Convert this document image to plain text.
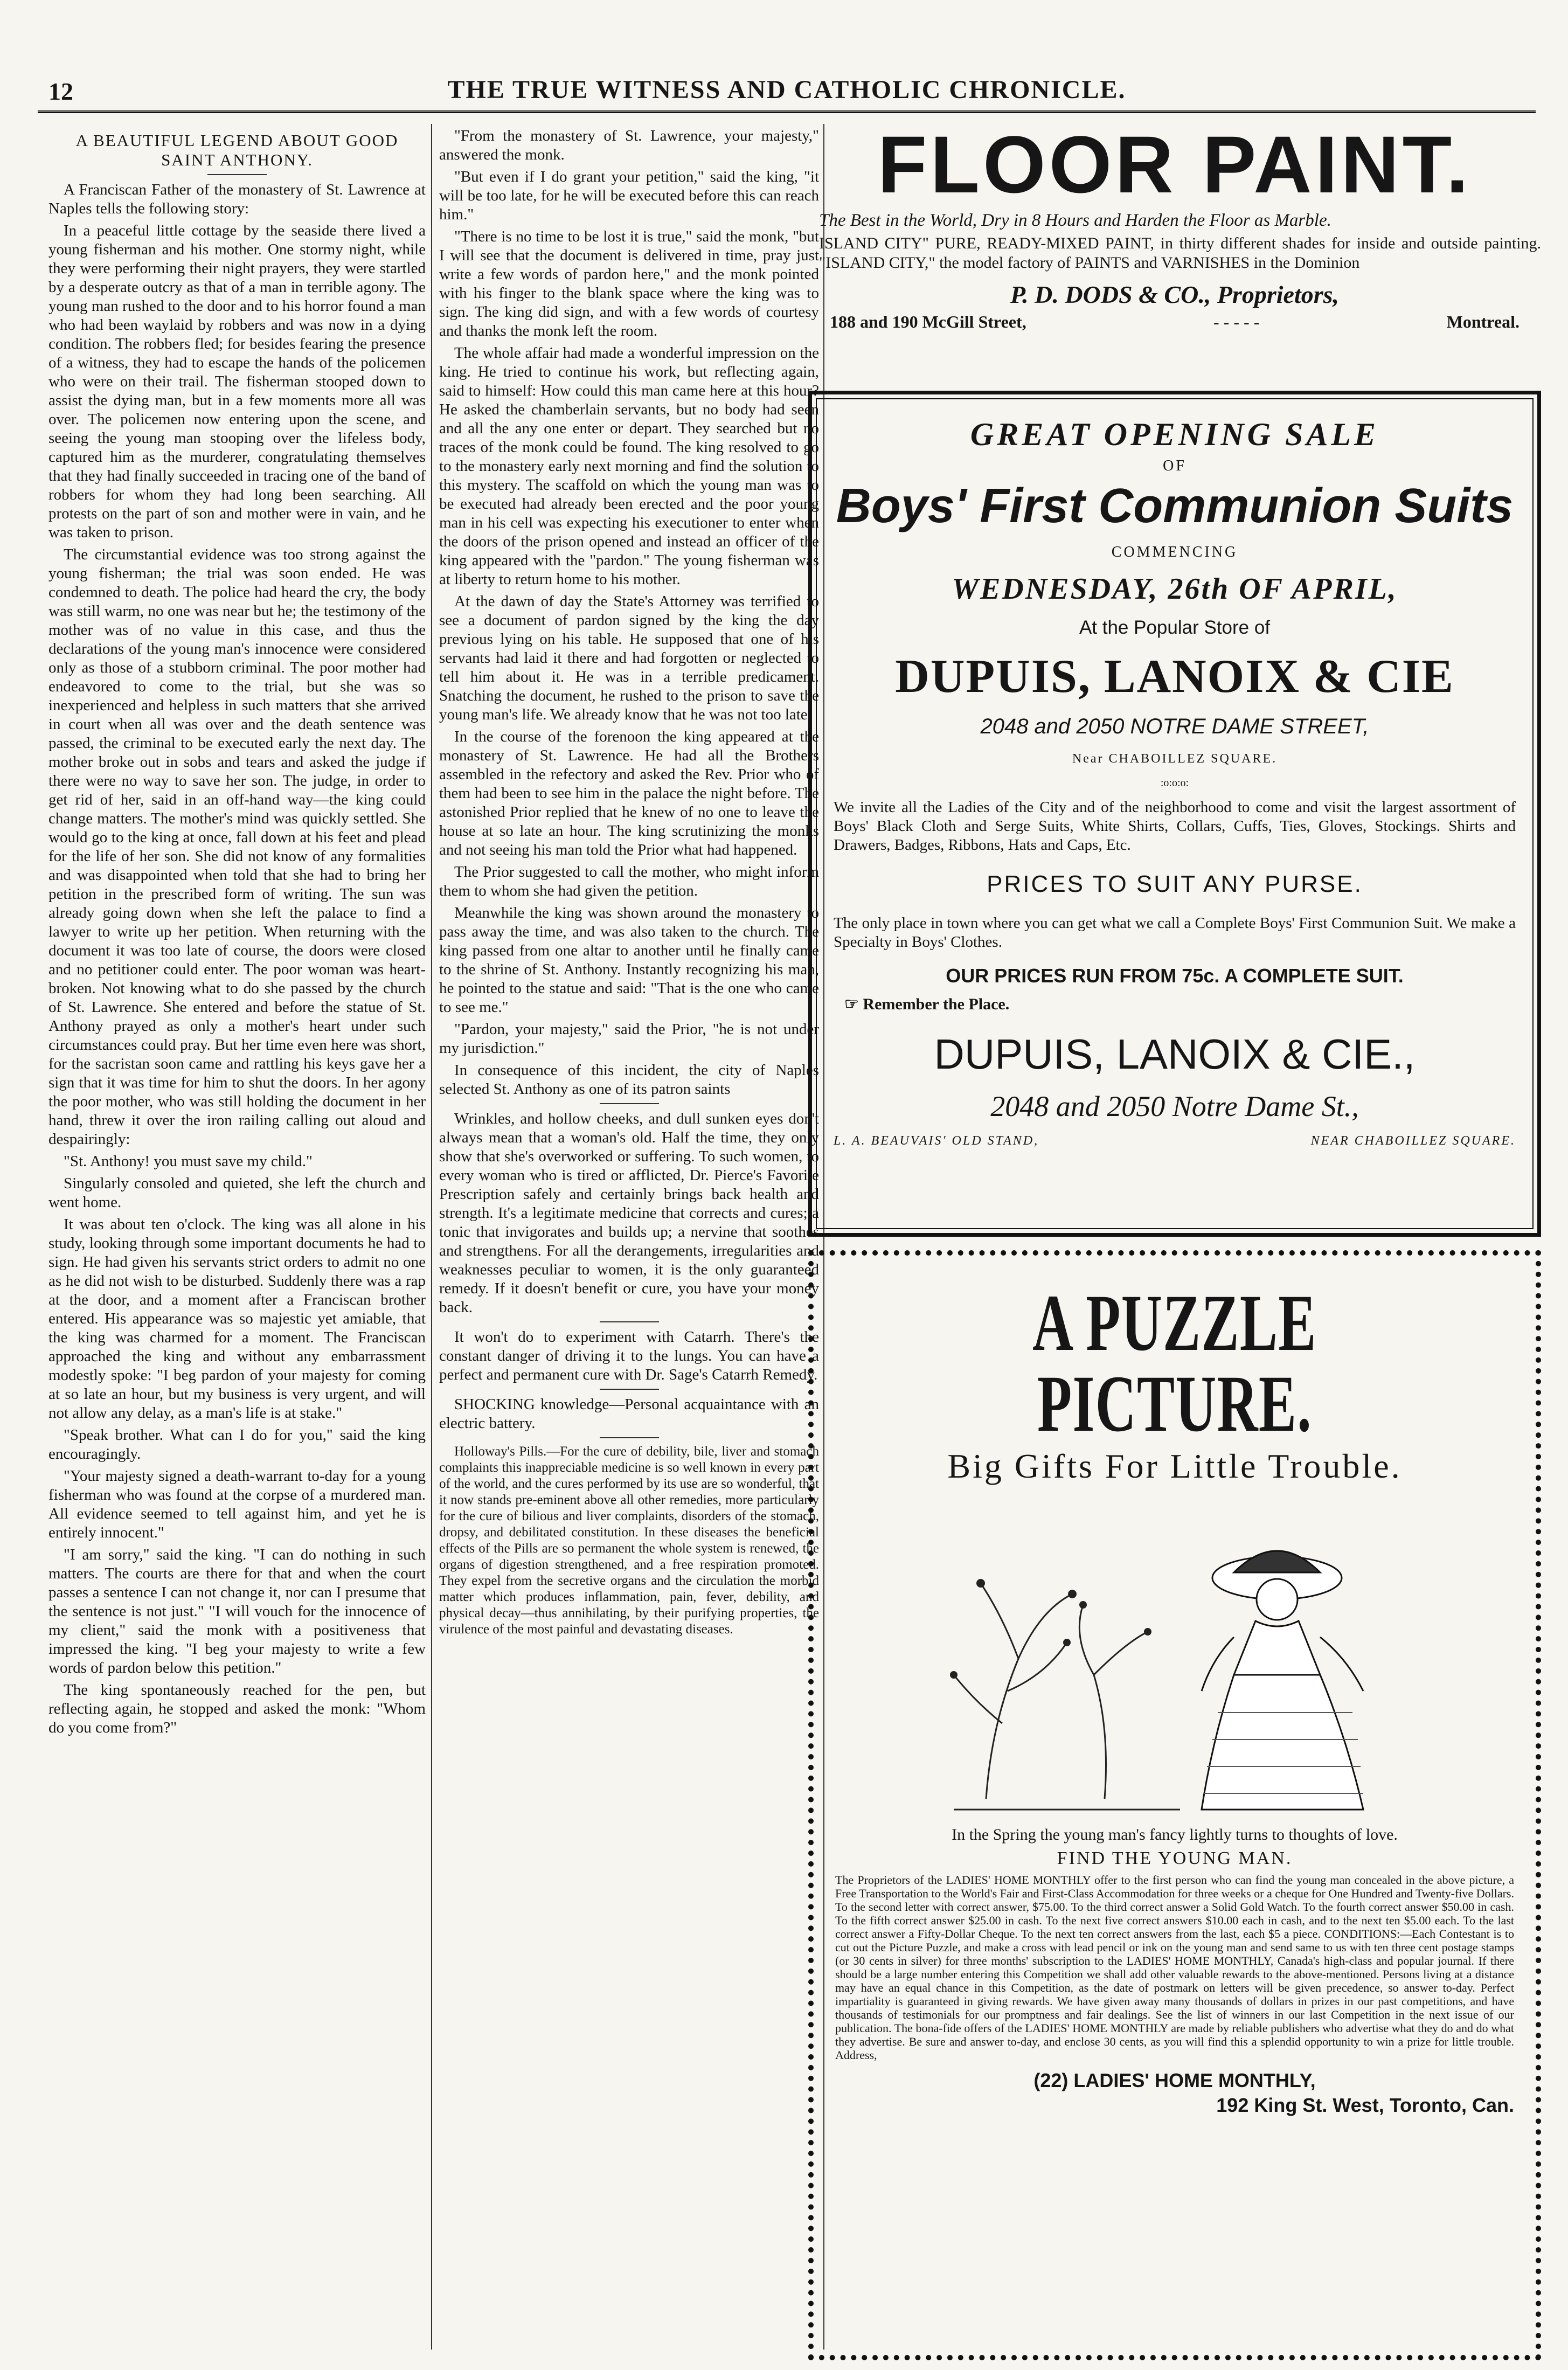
12	THE TRUE WITNESS AND CATHOLIC CHRONICLE.
A BEAUTIFUL LEGEND ABOUT GOOD SAINT ANTHONY.

A Franciscan Father of the monastery of St. Lawrence at Naples tells the following story:

In a peaceful little cottage by the seaside there lived a young fisherman and his mother. One stormy night, while they were performing their night prayers, they were startled by a desperate outcry as that of a man in terrible agony. The young man rushed to the door and to his horror found a man who had been waylaid by robbers and was now in a dying condition. The robbers fled; for besides fearing the presence of a witness, they had to escape the hands of the policemen who were on their trail. The fisherman stooped down to assist the dying man, but in a few moments more all was over. The policemen now entering upon the scene, and seeing the young man stooping over the lifeless body, captured him as the murderer, congratulating themselves that they had finally succeeded in tracing one of the band of robbers for whom they had long been searching. All protests on the part of son and mother were in vain, and he was taken to prison.

The circumstantial evidence was too strong against the young fisherman; the trial was soon ended. He was condemned to death. The police had heard the cry, the body was still warm, no one was near but he; the testimony of the mother was of no value in this case, and thus the declarations of the young man's innocence were considered only as those of a stubborn criminal. The poor mother had endeavored to come to the trial, but she was so inexperienced and helpless in such matters that she arrived in court when all was over and the death sentence was passed, the criminal to be executed early the next day. The mother broke out in sobs and tears and asked the judge if there were no way to save her son. The judge, in order to get rid of her, said in an off-hand way—the king could change matters. The mother's mind was quickly settled. She would go to the king at once, fall down at his feet and plead for the life of her son. She did not know of any formalities and was disappointed when told that she had to bring her petition in the prescribed form of writing. The sun was already going down when she left the palace to find a lawyer to write up her petition. When returning with the document it was too late of course, the doors were closed and no petitioner could enter. The poor woman was heart-broken. Not knowing what to do she passed by the church of St. Lawrence. She entered and before the statue of St. Anthony prayed as only a mother's heart under such circumstances could pray. But her time even here was short, for the sacristan soon came and rattling his keys gave her a sign that it was time for him to shut the doors. In her agony the poor mother, who was still holding the document in her hand, threw it over the iron railing calling out aloud and despairingly:

"St. Anthony! you must save my child."

Singularly consoled and quieted, she left the church and went home.

It was about ten o'clock. The king was all alone in his study, looking through some important documents he had to sign. He had given his servants strict orders to admit no one as he did not wish to be disturbed. Suddenly there was a rap at the door, and a moment after a Franciscan brother entered. His appearance was so majestic yet amiable, that the king was charmed for a moment. The Franciscan approached the king and without any embarrassment modestly spoke: "I beg pardon of your majesty for coming at so late an hour, but my business is very urgent, and will not allow any delay, as a man's life is at stake."

"Speak brother. What can I do for you," said the king encouragingly.

"Your majesty signed a death-warrant to-day for a young fisherman who was found at the corpse of a murdered man. All evidence seemed to tell against him, and yet he is entirely innocent."

"I am sorry," said the king. "I can do nothing in such matters. The courts are there for that and when the court passes a sentence I can not change it, nor can I presume that the sentence is not just." "I will vouch for the innocence of my client," said the monk with a positiveness that impressed the king. "I beg your majesty to write a few words of pardon below this petition."

The king spontaneously reached for the pen, but reflecting again, he stopped and asked the monk: "Whom do you come from?"

"From the monastery of St. Lawrence, your majesty," answered the monk.

"But even if I do grant your petition," said the king, "it will be too late, for he will be executed before this can reach him."

"There is no time to be lost it is true," said the monk, "but I will see that the document is delivered in time, pray just write a few words of pardon here," and the monk pointed with his finger to the blank space where the king was to sign. The king did sign, and with a few words of courtesy and thanks the monk left the room.

The whole affair had made a wonderful impression on the king. He tried to continue his work, but reflecting again, said to himself: How could this man came here at this hour? He asked the chamberlain servants, but no body had seen and all the any one enter or depart. They searched but no traces of the monk could be found. The king resolved to go to the monastery early next morning and find the solution to this mystery. The scaffold on which the young man was to be executed had already been erected and the poor young man in his cell was expecting his executioner to enter when the doors of the prison opened and instead an officer of the king appeared with the "pardon." The young fisherman was at liberty to return home to his mother.

At the dawn of day the State's Attorney was terrified to see a document of pardon signed by the king the day previous lying on his table. He supposed that one of his servants had laid it there and had forgotten or neglected to tell him about it. He was in a terrible predicament. Snatching the document, he rushed to the prison to save the young man's life. We already know that he was not too late.

In the course of the forenoon the king appeared at the monastery of St. Lawrence. He had all the Brothers assembled in the refectory and asked the Rev. Prior who of them had been to see him in the palace the night before. The astonished Prior replied that he knew of no one to leave the house at so late an hour. The king scrutinizing the monks and not seeing his man told the Prior what had happened.

The Prior suggested to call the mother, who might inform them to whom she had given the petition.

Meanwhile the king was shown around the monastery to pass away the time, and was also taken to the church. The king passed from one altar to another until he finally came to the shrine of St. Anthony. Instantly recognizing his man, he pointed to the statue and said: "That is the one who came to see me."

"Pardon, your majesty," said the Prior, "he is not under my jurisdiction."

In consequence of this incident, the city of Naples selected St. Anthony as one of its patron saints

Wrinkles, and hollow cheeks, and dull sunken eyes don't always mean that a woman's old. Half the time, they only show that she's overworked or suffering. To such women, to every woman who is tired or afflicted, Dr. Pierce's Favorite Prescription safely and certainly brings back health and strength. It's a legitimate medicine that corrects and cures; a tonic that invigorates and builds up; a nervine that soothes and strengthens. For all the derangements, irregularities and weaknesses peculiar to women, it is the only guaranteed remedy. If it doesn't benefit or cure, you have your money back.

It won't do to experiment with Catarrh. There's the constant danger of driving it to the lungs. You can have a perfect and permanent cure with Dr. Sage's Catarrh Remedy.

SHOCKING knowledge—Personal acquaintance with an electric battery.

Holloway's Pills.—For the cure of debility, bile, liver and stomach complaints this inappreciable medicine is so well known in every part of the world, and the cures performed by its use are so wonderful, that it now stands pre-eminent above all other remedies, more particularly for the cure of bilious and liver complaints, disorders of the stomach, dropsy, and debilitated constitution. In these diseases the beneficial effects of the Pills are so permanent the whole system is renewed, the organs of digestion strengthened, and a free respiration promoted. They expel from the secretive organs and the circulation the morbid matter which produces inflammation, pain, fever, debility, and physical decay—thus annihilating, by their purifying properties, the virulence of the most painful and devastating diseases.

FLOOR PAINT.
The Best in the World, Dry in 8 Hours and Harden the Floor as Marble.
ISLAND CITY" PURE, READY-MIXED PAINT, in thirty different shades for inside and outside painting. "ISLAND CITY," the model factory of PAINTS and VARNISHES in the Dominion
P. D. DODS & CO., Proprietors,
188 and 190 McGill Street,	- - - - -	Montreal.
GREAT OPENING SALE
OF
Boys' First Communion Suits
COMMENCING
WEDNESDAY, 26th OF APRIL,
At the Popular Store of
DUPUIS, LANOIX & CIE
2048 and 2050 NOTRE DAME STREET,
Near CHABOILLEZ SQUARE.
:o:o:o:
We invite all the Ladies of the City and of the neighborhood to come and visit the largest assortment of Boys' Black Cloth and Serge Suits, White Shirts, Collars, Cuffs, Ties, Gloves, Stockings. Shirts and Drawers, Badges, Ribbons, Hats and Caps, Etc.
PRICES TO SUIT ANY PURSE.
The only place in town where you can get what we call a Complete Boys' First Communion Suit. We make a Specialty in Boys' Clothes.
OUR PRICES RUN FROM 75c. A COMPLETE SUIT.
☞ Remember the Place.
DUPUIS, LANOIX & CIE.,
2048 and 2050 Notre Dame St.,
L. A. BEAUVAIS' OLD STAND,	NEAR CHABOILLEZ SQUARE.
A PUZZLE PICTURE.
Big Gifts For Little Trouble.
In the Spring the young man's fancy lightly turns to thoughts of love.
FIND THE YOUNG MAN.
The Proprietors of the LADIES' HOME MONTHLY offer to the first person who can find the young man concealed in the above picture, a Free Transportation to the World's Fair and First-Class Accommodation for three weeks or a cheque for One Hundred and Twenty-five Dollars. To the second letter with correct answer, $75.00. To the third correct answer a Solid Gold Watch. To the fourth correct answer $50.00 in cash. To the fifth correct answer $25.00 in cash. To the next five correct answers $10.00 each in cash, and to the next ten $5.00 each. To the last correct answer a Fifty-Dollar Cheque. To the next ten correct answers from the last, each $5 a piece. CONDITIONS:—Each Contestant is to cut out the Picture Puzzle, and make a cross with lead pencil or ink on the young man and send same to us with ten three cent postage stamps (or 30 cents in silver) for three months' subscription to the LADIES' HOME MONTHLY, Canada's high-class and popular journal. If there should be a large number entering this Competition we shall add other valuable rewards to the above-mentioned. Persons living at a distance may have an equal chance in this Competition, as the date of postmark on letters will be given precedence, so answer to-day. Perfect impartiality is guaranteed in giving rewards. We have given away many thousands of dollars in prizes in our past competitions, and have thousands of testimonials for our promptness and fair dealings. See the list of winners in our last Competition in the next issue of our publication. The bona-fide offers of the LADIES' HOME MONTHLY are made by reliable publishers who advertise what they do and do what they advertise. Be sure and answer to-day, and enclose 30 cents, as you will find this a splendid opportunity to win a prize for little trouble. Address,
(22) LADIES' HOME MONTHLY,
192 King St. West, Toronto, Can.
